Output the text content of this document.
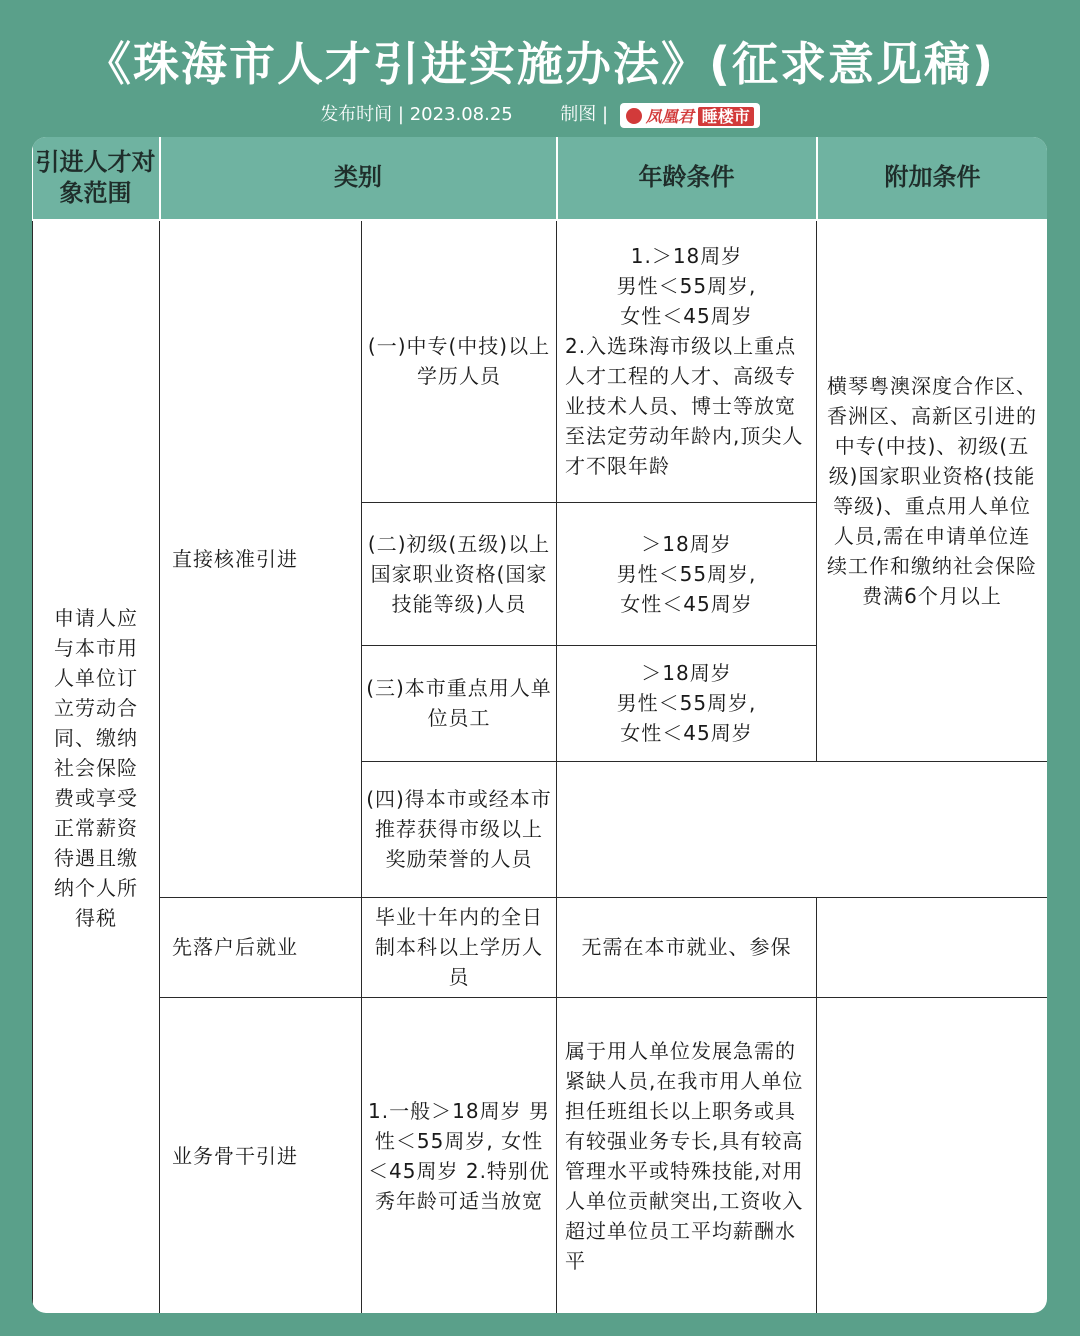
《珠海市人才引进实施办法》(征求意见稿)
发布时间 | 2023.08.25	制图 | 凤凰君 睡楼市
引进人才对象范围	类别		年龄条件	附加条件
申请人应与本市用人单位订立劳动合同、缴纳社会保险费或享受正常薪资待遇且缴纳个人所得税	直接核准引进	(一)中专(中技)以上学历人员	1.＞18周岁
男性＜55周岁,
女性＜45周岁
2.入选珠海市级以上重点人才工程的人才、高级专业技术人员、博士等放宽至法定劳动年龄内,顶尖人才不限年龄	横琴粤澳深度合作区、香洲区、高新区引进的中专(中技)、初级(五级)国家职业资格(技能等级)、重点用人单位人员,需在申请单位连续工作和缴纳社会保险费满6个月以上
		(二)初级(五级)以上国家职业资格(国家技能等级)人员	＞18周岁
男性＜55周岁,
女性＜45周岁	

		(三)本市重点用人单位员工	＞18周岁
男性＜55周岁,
女性＜45周岁	

		(四)得本市或经本市推荐获得市级以上奖励荣誉的人员		
	先落户后就业	毕业十年内的全日制本科以上学历人员	无需在本市就业、参保	
	业务骨干引进	1.一般＞18周岁 男性＜55周岁, 女性＜45周岁 2.特别优秀年龄可适当放宽	属于用人单位发展急需的紧缺人员,在我市用人单位担任班组长以上职务或具有较强业务专长,具有较高管理水平或特殊技能,对用人单位贡献突出,工资收入超过单位员工平均薪酬水平	
